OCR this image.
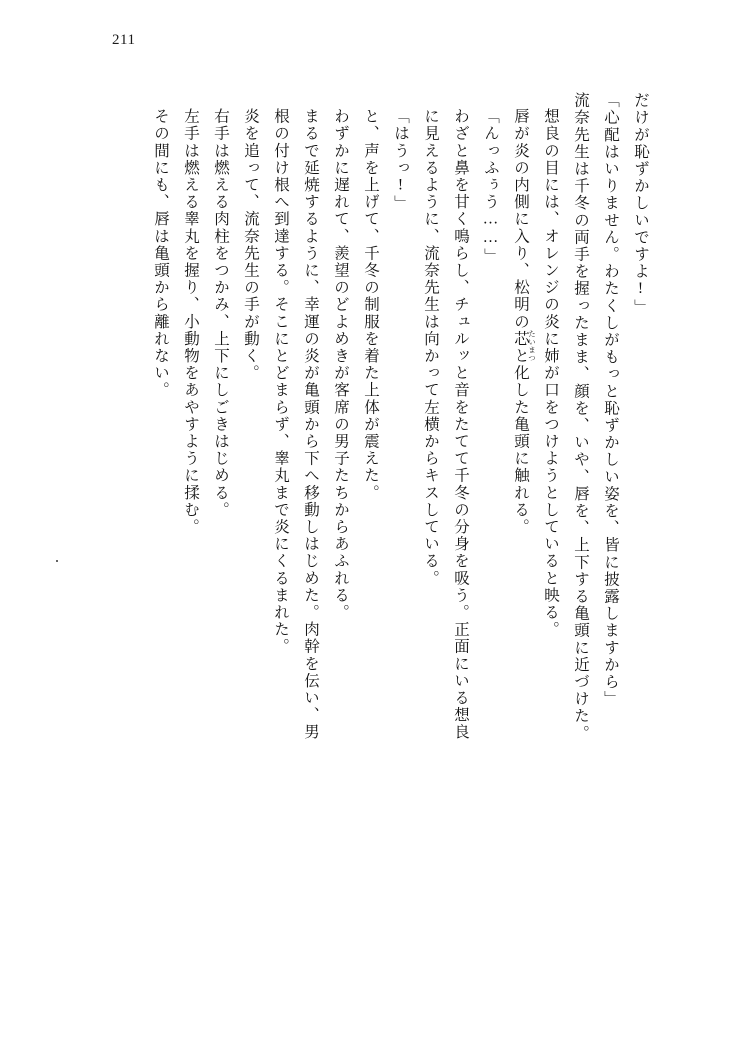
211
だけが恥ずかしいですよ!」
「心配はいりません。わたくしがもっと恥ずかしい姿を、皆に披露しますから」
流奈先生は千冬の両手を握ったまま、顔を、いや、唇を、上下する亀頭に近づけた。
想良の目には、オレンジの炎に姉が口をつけようとしていると映る。
唇が炎の内側に入り、松明の芯と化した亀頭に触れる。
「んっふぅう……」
わざと鼻を甘く鳴らし、チュルッと音をたてて千冬の分身を吸う。正面にいる想良
に見えるように、流奈先生は向かって左横からキスしている。
「はうっ!」
と、声を上げて、千冬の制服を着た上体が震えた。
わずかに遅れて、羨望のどよめきが客席の男子たちからあふれる。
まるで延焼するように、幸運の炎が亀頭から下へ移動しはじめた。肉幹を伝い、男
根の付け根へ到達する。そこにとどまらず、睾丸まで炎にくるまれた。
炎を追って、流奈先生の手が動く。
右手は燃える肉柱をつかみ、上下にしごきはじめる。
左手は燃える睾丸を握り、小動物をあやすように揉む。
その間にも、唇は亀頭から離れない。	たいまつ
